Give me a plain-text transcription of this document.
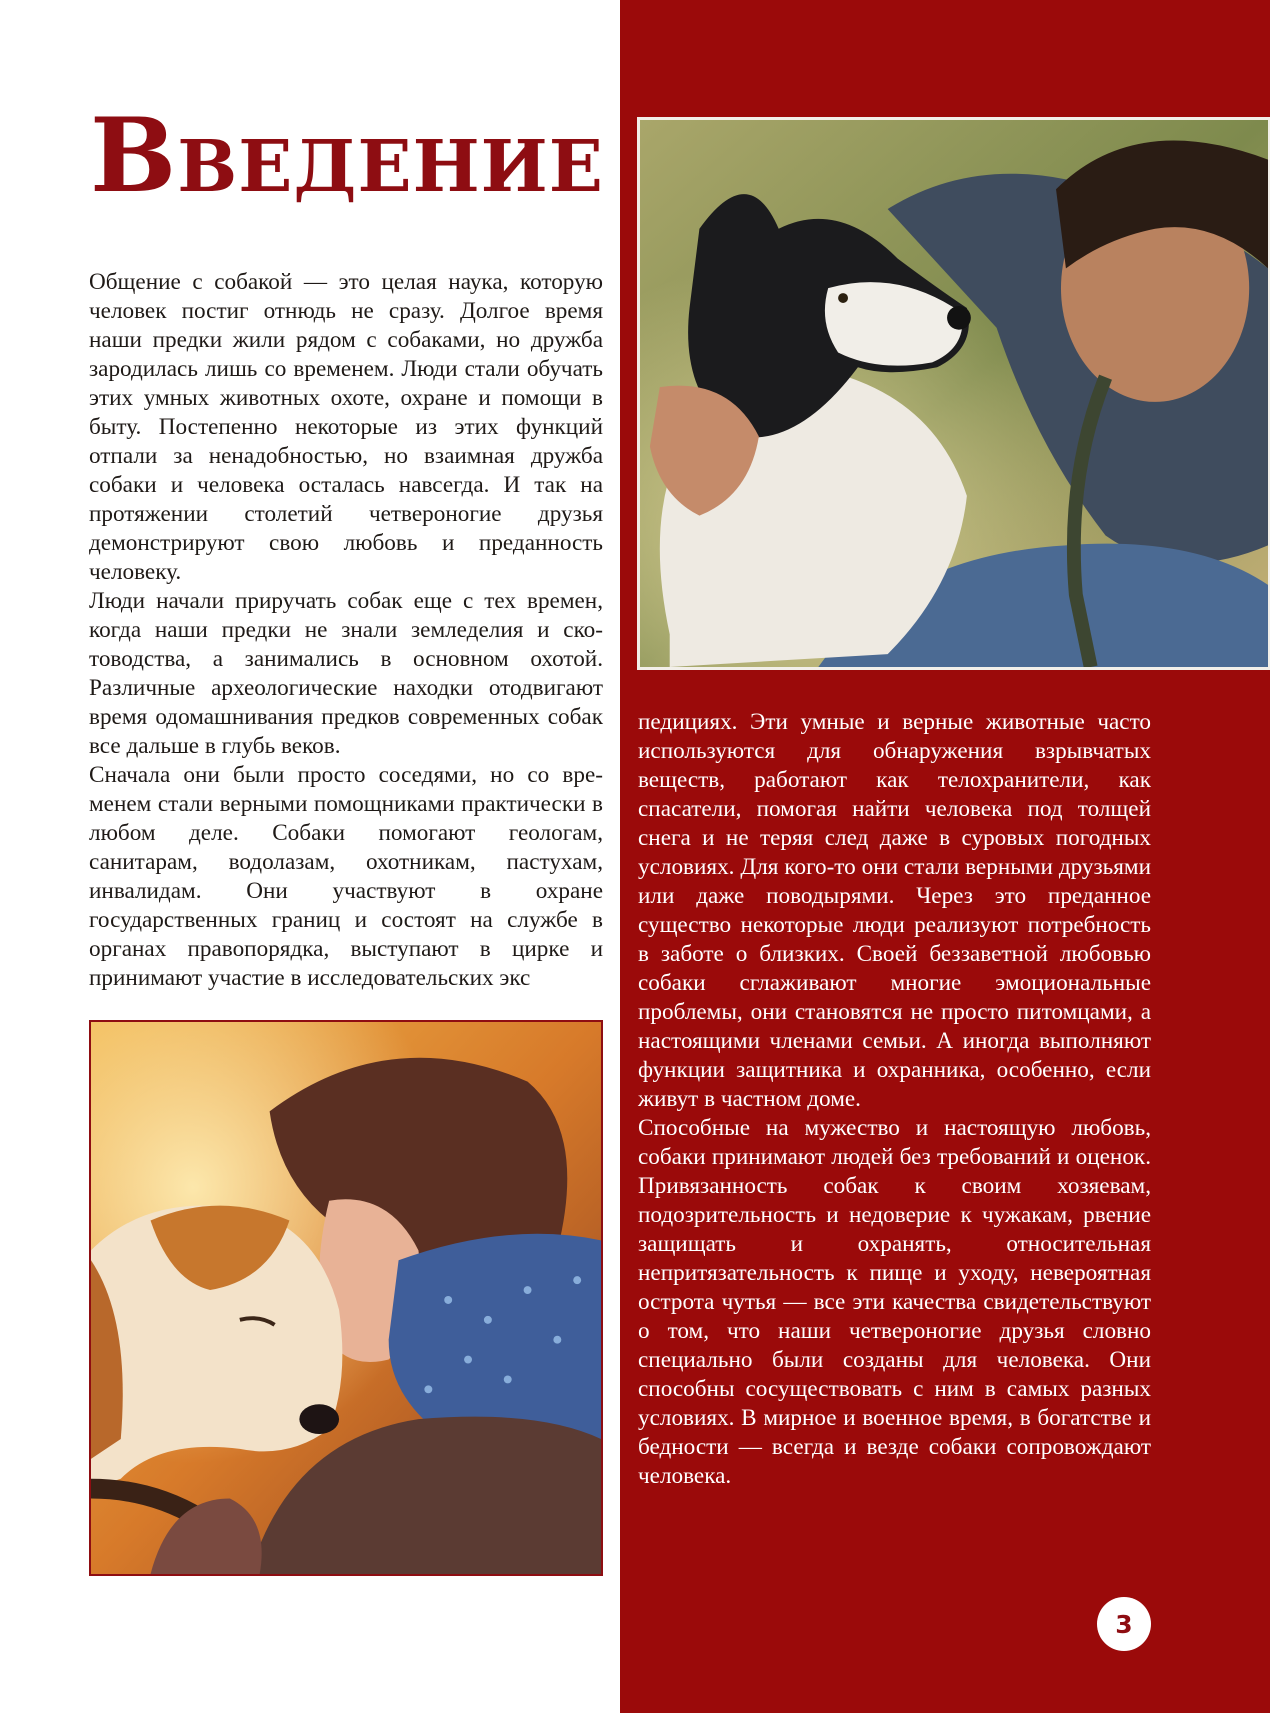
Введение

Общение с собакой — это целая наука, которую человек постиг отнюдь не сразу. Долгое время наши предки жили рядом с собаками, но дружба зародилась лишь со временем. Люди стали обучать этих умных животных охоте, охране и помощи в быту. Постепенно некоторые из этих функций отпали за ненадобностью, но взаимная дружба собаки и человека осталась навсегда. И так на протяжении столетий четвероногие друзья демонстрируют свою любовь и преданность человеку.

Люди начали приручать собак еще с тех времен, когда наши предки не знали земледелия и скотоводства, а занимались в основном охотой. Различные археологические находки отодвигают время одомашнивания предков современных собак все дальше в глубь веков.

Сначала они были просто соседями, но со временем стали верными помощниками практически в любом деле. Собаки помогают геологам, санитарам, водолазам, охотникам, пастухам, инвалидам. Они участвуют в охране государственных границ и состоят на службе в органах правопорядка, выступают в цирке и принимают участие в исследовательских экс

педициях. Эти умные и верные животные часто используются для обнаружения взрывчатых веществ, работают как телохранители, как спасатели, помогая найти человека под толщей снега и не теряя след даже в суровых погодных условиях. Для кого-то они стали верными друзьями или даже поводырями. Через это преданное существо некоторые люди реализуют потребность в заботе о близких. Своей беззаветной любовью собаки сглаживают многие эмоциональные проблемы, они становятся не просто питомцами, а настоящими членами семьи. А иногда выполняют функции защитника и охранника, особенно, если живут в частном доме.

Способные на мужество и настоящую любовь, собаки принимают людей без требований и оценок. Привязанность собак к своим хозяевам, подозрительность и недоверие к чужакам, рвение защищать и охранять, относительная непритязательность к пище и уходу, невероятная острота чутья — все эти качества свидетельствуют о том, что наши четвероногие друзья словно специально были созданы для человека. Они способны сосуществовать с ним в самых разных условиях. В мирное и военное время, в богатстве и бедности — всегда и везде собаки сопровождают человека.

3
